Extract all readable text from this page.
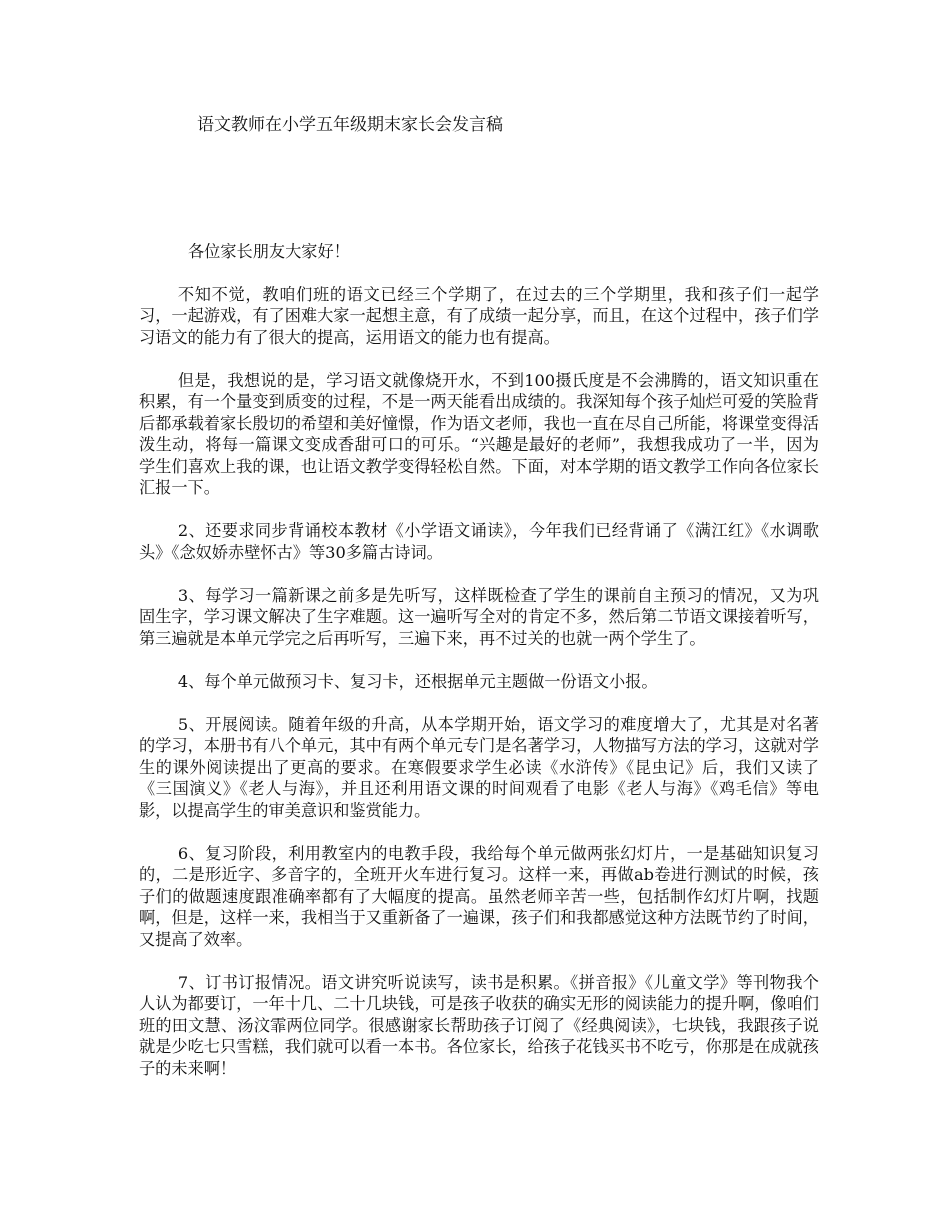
语文教师在小学五年级期末家长会发言稿

各位家长朋友大家好！

不知不觉，教咱们班的语文已经三个学期了，在过去的三个学期里，我和孩子们一起学习，一起游戏，有了困难大家一起想主意，有了成绩一起分享，而且，在这个过程中，孩子们学习语文的能力有了很大的提高，运用语文的能力也有提高。

但是，我想说的是，学习语文就像烧开水，不到100摄氏度是不会沸腾的，语文知识重在积累，有一个量变到质变的过程，不是一两天能看出成绩的。我深知每个孩子灿烂可爱的笑脸背后都承载着家长殷切的希望和美好憧憬，作为语文老师，我也一直在尽自己所能，将课堂变得活泼生动，将每一篇课文变成香甜可口的可乐。“兴趣是最好的老师”，我想我成功了一半，因为学生们喜欢上我的课，也让语文教学变得轻松自然。下面，对本学期的语文教学工作向各位家长汇报一下。

2、还要求同步背诵校本教材《小学语文诵读》，今年我们已经背诵了《满江红》《水调歌头》《念奴娇赤壁怀古》等30多篇古诗词。

3、每学习一篇新课之前多是先听写，这样既检查了学生的课前自主预习的情况，又为巩固生字，学习课文解决了生字难题。这一遍听写全对的肯定不多，然后第二节语文课接着听写，第三遍就是本单元学完之后再听写，三遍下来，再不过关的也就一两个学生了。

4、每个单元做预习卡、复习卡，还根据单元主题做一份语文小报。

5、开展阅读。随着年级的升高，从本学期开始，语文学习的难度增大了，尤其是对名著的学习，本册书有八个单元，其中有两个单元专门是名著学习，人物描写方法的学习，这就对学生的课外阅读提出了更高的要求。在寒假要求学生必读《水浒传》《昆虫记》后，我们又读了《三国演义》《老人与海》，并且还利用语文课的时间观看了电影《老人与海》《鸡毛信》等电影，以提高学生的审美意识和鉴赏能力。

6、复习阶段，利用教室内的电教手段，我给每个单元做两张幻灯片，一是基础知识复习的，二是形近字、多音字的，全班开火车进行复习。这样一来，再做ab卷进行测试的时候，孩子们的做题速度跟准确率都有了大幅度的提高。虽然老师辛苦一些，包括制作幻灯片啊，找题啊，但是，这样一来，我相当于又重新备了一遍课，孩子们和我都感觉这种方法既节约了时间，又提高了效率。

7、订书订报情况。语文讲究听说读写，读书是积累。《拼音报》《儿童文学》等刊物我个人认为都要订，一年十几、二十几块钱，可是孩子收获的确实无形的阅读能力的提升啊，像咱们班的田文慧、汤汶霏两位同学。很感谢家长帮助孩子订阅了《经典阅读》，七块钱，我跟孩子说就是少吃七只雪糕，我们就可以看一本书。各位家长，给孩子花钱买书不吃亏，你那是在成就孩子的未来啊！
